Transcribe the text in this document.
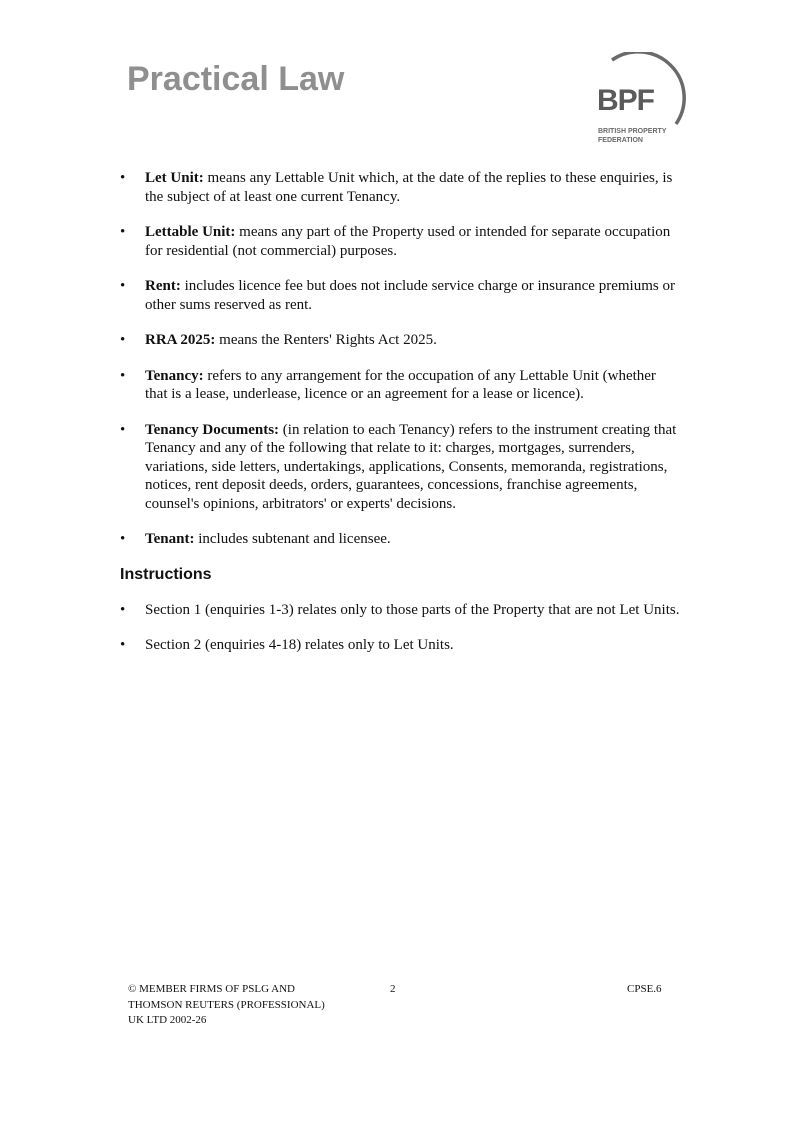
Practical Law
BPF
BRITISH PROPERTY FEDERATION
•	Let Unit: means any Lettable Unit which, at the date of the replies to these enquiries, is the subject of at least one current Tenancy.
•	Lettable Unit: means any part of the Property used or intended for separate occupation for residential (not commercial) purposes.
•	Rent: includes licence fee but does not include service charge or insurance premiums or other sums reserved as rent.
•	RRA 2025: means the Renters' Rights Act 2025.
•	Tenancy: refers to any arrangement for the occupation of any Lettable Unit (whether that is a lease, underlease, licence or an agreement for a lease or licence).
•	Tenancy Documents: (in relation to each Tenancy) refers to the instrument creating that Tenancy and any of the following that relate to it: charges, mortgages, surrenders, variations, side letters, undertakings, applications, Consents, memoranda, registrations, notices, rent deposit deeds, orders, guarantees, concessions, franchise agreements, counsel's opinions, arbitrators' or experts' decisions.
•	Tenant: includes subtenant and licensee.
Instructions
•	Section 1 (enquiries 1-3) relates only to those parts of the Property that are not Let Units.
•	Section 2 (enquiries 4-18) relates only to Let Units.
© MEMBER FIRMS OF PSLG AND THOMSON REUTERS (PROFESSIONAL) UK LTD 2002-26
2	CPSE.6
